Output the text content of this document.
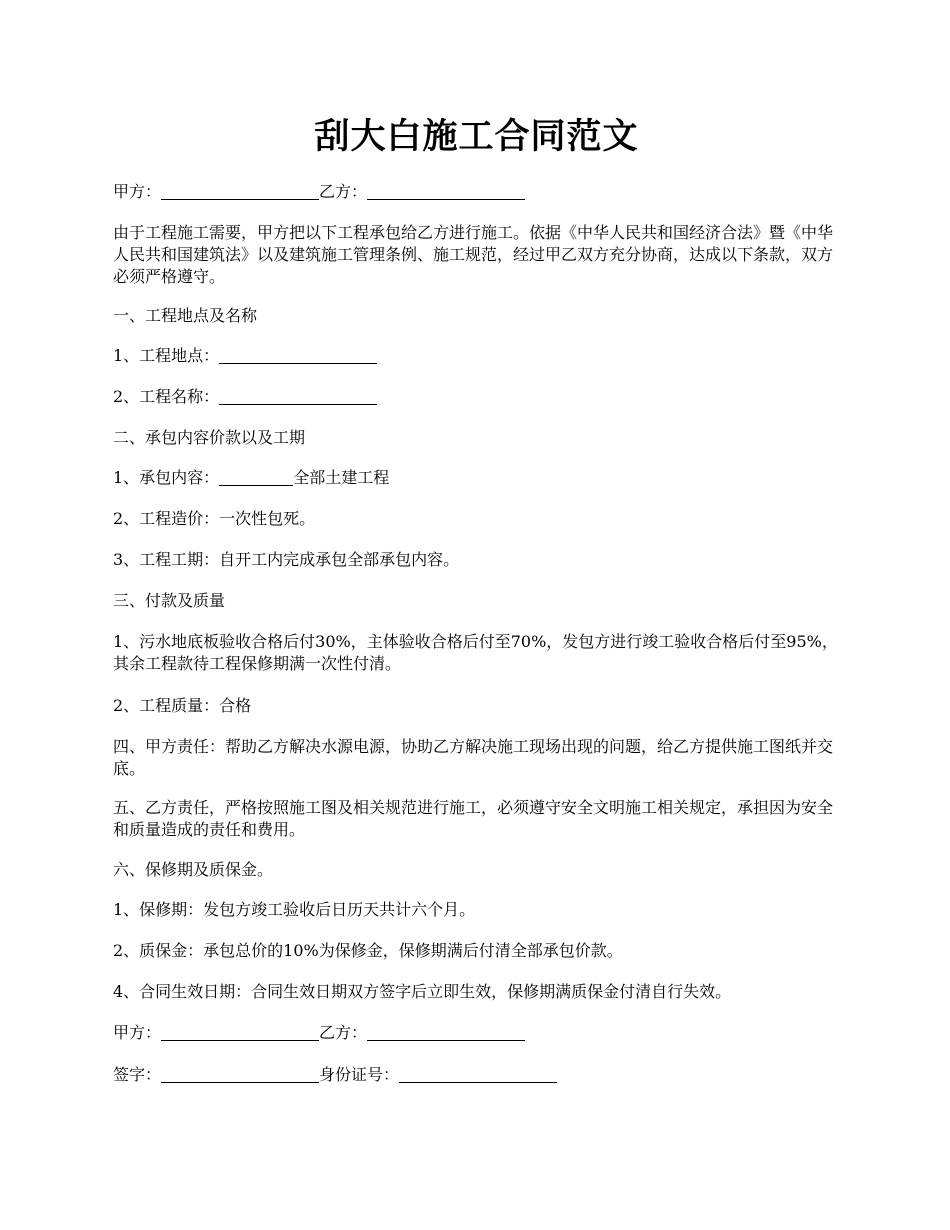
刮大白施工合同范文

甲方：	乙方：

由于工程施工需要，甲方把以下工程承包给乙方进行施工。依据《中华人民共和国经济合法》暨《中华人民共和国建筑法》以及建筑施工管理条例、施工规范，经过甲乙双方充分协商，达成以下条款，双方必须严格遵守。

一、工程地点及名称

1、工程地点：

2、工程名称：

二、承包内容价款以及工期

1、承包内容：	全部土建工程

2、工程造价：一次性包死。

3、工程工期：自开工内完成承包全部承包内容。

三、付款及质量

1、污水地底板验收合格后付30%，主体验收合格后付至70%，发包方进行竣工验收合格后付至95%，其余工程款待工程保修期满一次性付清。

2、工程质量：合格

四、甲方责任：帮助乙方解决水源电源，协助乙方解决施工现场出现的问题，给乙方提供施工图纸并交底。

五、乙方责任，严格按照施工图及相关规范进行施工，必须遵守安全文明施工相关规定，承担因为安全和质量造成的责任和费用。

六、保修期及质保金。

1、保修期：发包方竣工验收后日历天共计六个月。

2、质保金：承包总价的10%为保修金，保修期满后付清全部承包价款。

4、合同生效日期：合同生效日期双方签字后立即生效，保修期满质保金付清自行失效。

甲方：	乙方：

签字：	身份证号：
